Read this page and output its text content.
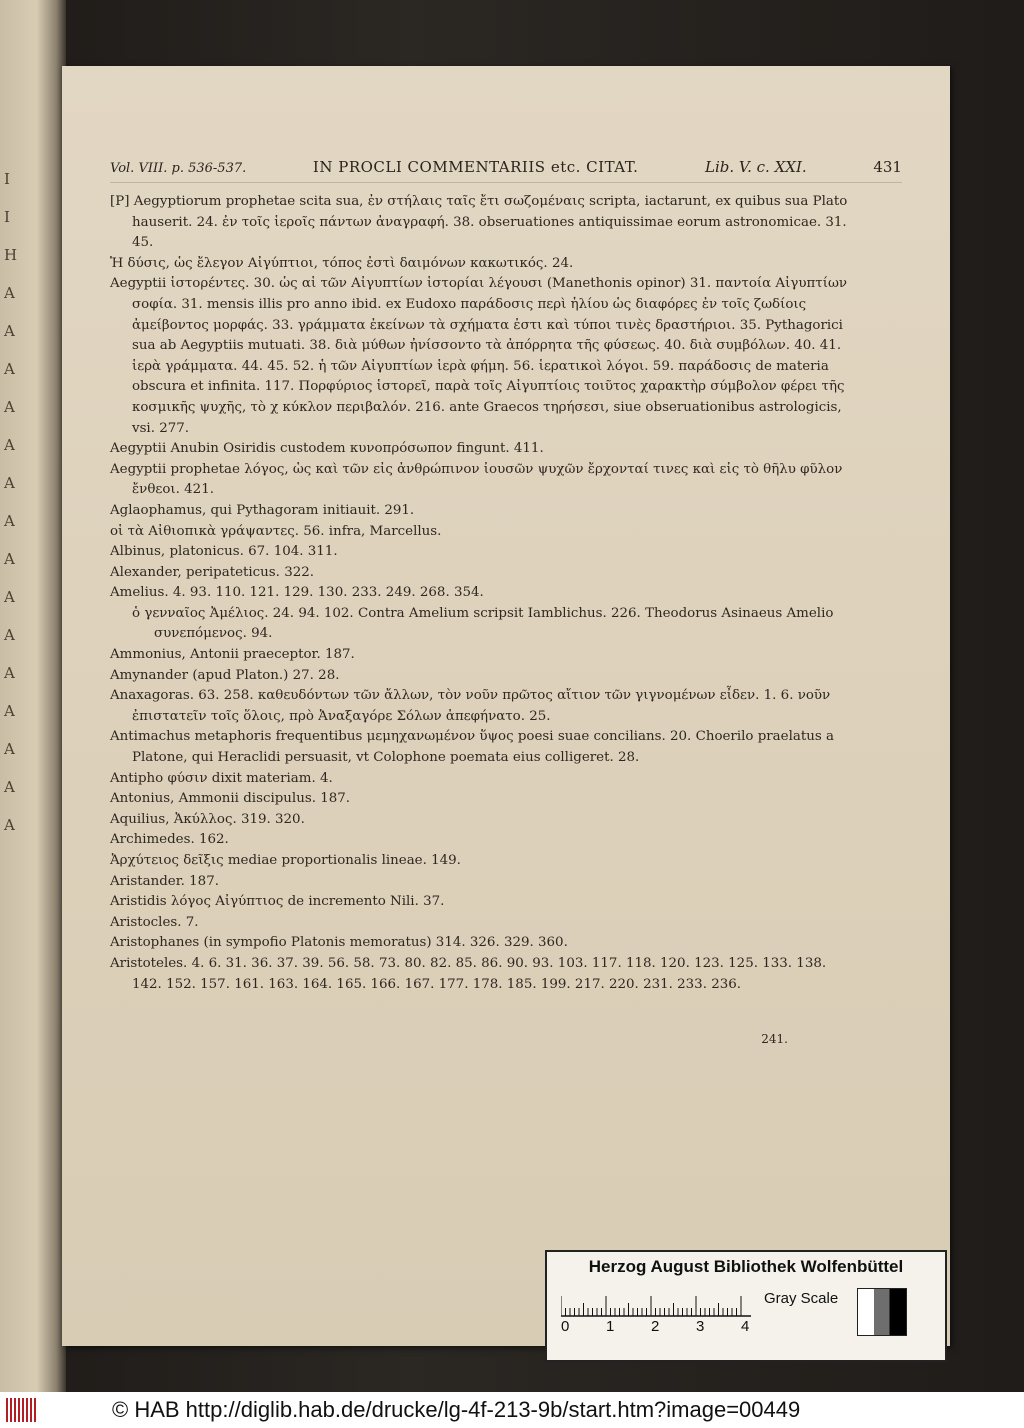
I
I
H
A
A
A
A
A
A
A
A
A
A
A
A
A
A
A
Vol. VIII. p. 536-537.	IN PROCLI COMMENTARIIS etc. CITAT.	Lib. V. c. XXI.	431

[P] Aegyptiorum prophetae scita sua, ἐν στήλαις ταῖς ἔτι σωζομέναις scripta, iactarunt, ex quibus sua Plato hauserit. 24. ἐν τοῖς ἱεροῖς πάντων ἀναγραφή. 38. obseruationes antiquissimae eorum astronomicae. 31. 45.

Ἡ δύσις, ὡς ἔλεγον Αἰγύπτιοι, τόπος ἐστὶ δαιμόνων κακωτικός. 24.

Aegyptii ἱστορέντες. 30. ὡς αἱ τῶν Αἰγυπτίων ἱστορίαι λέγουσι (Manethonis opinor) 31. παντοία Αἰγυπτίων σοφία. 31. mensis illis pro anno ibid. ex Eudoxo παράδοσις περὶ ἡλίου ὡς διαφόρες ἐν τοῖς ζωδίοις ἀμείβοντος μορφάς. 33. γράμματα ἐκείνων τὰ σχήματα ἐστι καὶ τύποι τινὲς δραστήριοι. 35. Pythagorici sua ab Aegyptiis mutuati. 38. διὰ μύθων ἠνίσσοντο τὰ ἀπόρρητα τῆς φύσεως. 40. διὰ συμβόλων. 40. 41. ἱερὰ γράμματα. 44. 45. 52. ἡ τῶν Αἰγυπτίων ἱερὰ φήμη. 56. ἱερατικοὶ λόγοι. 59. παράδοσις de materia obscura et infinita. 117. Πορφύριος ἱστορεῖ, παρὰ τοῖς Αἰγυπτίοις τοιῦτος χαρακτὴρ σύμβολον φέρει τῆς κοσμικῆς ψυχῆς, τὸ χ κύκλον περιβαλόν. 216. ante Graecos τηρήσεσι, siue obseruationibus astrologicis, vsi. 277.

Aegyptii Anubin Osiridis custodem κυνοπρόσωπον fingunt. 411.

Aegyptii prophetae λόγος, ὡς καὶ τῶν εἰς ἀνθρώπινον ἰουσῶν ψυχῶν ἔρχονταί τινες καὶ εἰς τὸ θῆλυ φῦλον ἔνθεοι. 421.

Aglaophamus, qui Pythagoram initiauit. 291.

οἱ τὰ Αἰθιοπικὰ γράψαντες. 56. infra, Marcellus.

Albinus, platonicus. 67. 104. 311.

Alexander, peripateticus. 322.

Amelius. 4. 93. 110. 121. 129. 130. 233. 249. 268. 354.

ὁ γενναῖος Ἀμέλιος. 24. 94. 102. Contra Amelium scripsit Iamblichus. 226. Theodorus Asinaeus Amelio συνεπόμενος. 94.

Ammonius, Antonii praeceptor. 187.

Amynander (apud Platon.) 27. 28.

Anaxagoras. 63. 258. καθευδόντων τῶν ἄλλων, τὸν νοῦν πρῶτος αἴτιον τῶν γιγνομένων εἶδεν. 1. 6. νοῦν ἐπιστατεῖν τοῖς ὅλοις, πρὸ Ἀναξαγόρε Σόλων ἀπεφήνατο. 25.

Antimachus metaphoris frequentibus μεμηχανωμένον ὕψος poesi suae concilians. 20. Choerilo praelatus a Platone, qui Heraclidi persuasit, vt Colophone poemata eius colligeret. 28.

Antipho φύσιν dixit materiam. 4.

Antonius, Ammonii discipulus. 187.

Aquilius, Ἀκύλλος. 319. 320.

Archimedes. 162.

Ἀρχύτειος δεῖξις mediae proportionalis lineae. 149.

Aristander. 187.

Aristidis λόγος Αἰγύπτιος de incremento Nili. 37.

Aristocles. 7.

Aristophanes (in sympofio Platonis memoratus) 314. 326. 329. 360.

Aristoteles. 4. 6. 31. 36. 37. 39. 56. 58. 73. 80. 82. 85. 86. 90. 93. 103. 117. 118. 120. 123. 125. 133. 138. 142. 152. 157. 161. 163. 164. 165. 166. 167. 177. 178. 185. 199. 217. 220. 231. 233. 236.

241.
Herzog August Bibliothek Wolfenbüttel
0 1 2 3 4
Gray Scale
© HAB http://diglib.hab.de/drucke/lg-4f-213-9b/start.htm?image=00449
